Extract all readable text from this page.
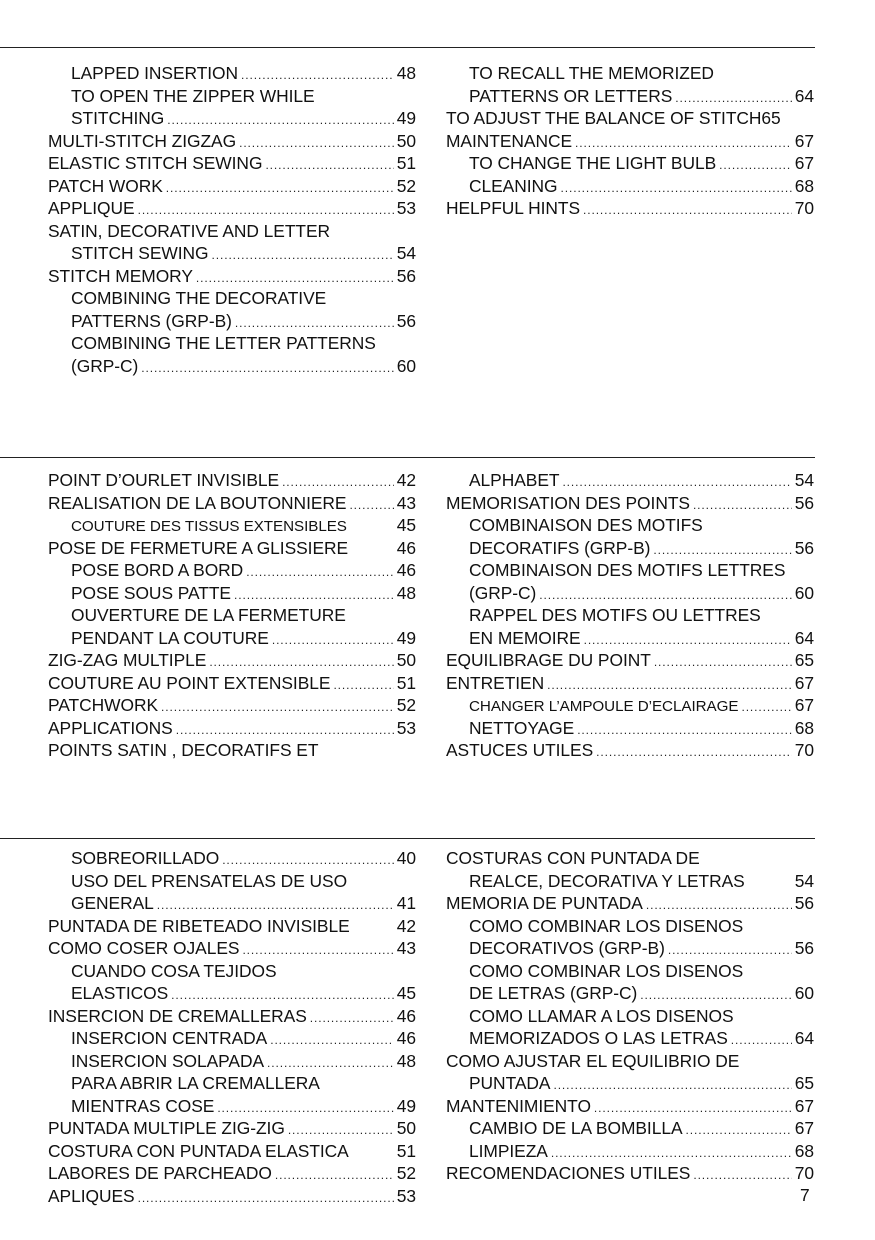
LAPPED INSERTION .....	48
TO OPEN THE ZIPPER WHILE
STITCHING .....	49
MULTI-STITCH ZIGZAG .....	50
ELASTIC STITCH SEWING .....	51
PATCH WORK .....	52
APPLIQUE .....	53
SATIN, DECORATIVE AND LETTER
STITCH SEWING .....	54
STITCH MEMORY .....	56
COMBINING THE DECORATIVE
PATTERNS (GRP-B) .....	56
COMBINING THE LETTER PATTERNS
(GRP-C) .....	60
TO RECALL THE MEMORIZED
PATTERNS OR LETTERS .....	64
TO ADJUST THE BALANCE OF STITCH65
MAINTENANCE .....	67
TO CHANGE THE LIGHT BULB .....	67
CLEANING .....	68
HELPFUL HINTS .....	70
POINT D’OURLET INVISIBLE .....	42
REALISATION DE LA BOUTONNIERE .....	43
COUTURE DES TISSUS EXTENSIBLES	45
POSE DE FERMETURE A GLISSIERE	46
POSE BORD A BORD .....	46
POSE SOUS PATTE .....	48
OUVERTURE DE LA FERMETURE
PENDANT LA COUTURE .....	49
ZIG-ZAG MULTIPLE .....	50
COUTURE AU POINT EXTENSIBLE .....	51
PATCHWORK .....	52
APPLICATIONS .....	53
POINTS SATIN , DECORATIFS ET
ALPHABET .....	54
MEMORISATION DES POINTS .....	56
COMBINAISON DES MOTIFS
DECORATIFS (GRP-B) .....	56
COMBINAISON DES MOTIFS LETTRES
(GRP-C) .....	60
RAPPEL DES MOTIFS OU LETTRES
EN MEMOIRE .....	64
EQUILIBRAGE DU POINT .....	65
ENTRETIEN .....	67
CHANGER L’AMPOULE D’ECLAIRAGE .....	67
NETTOYAGE .....	68
ASTUCES UTILES .....	70
SOBREORILLADO .....	40
USO DEL PRENSATELAS DE USO
GENERAL .....	41
PUNTADA DE RIBETEADO INVISIBLE	42
COMO COSER OJALES .....	43
CUANDO COSA TEJIDOS
ELASTICOS .....	45
INSERCION DE CREMALLERAS .....	46
INSERCION CENTRADA .....	46
INSERCION SOLAPADA .....	48
PARA ABRIR LA CREMALLERA
MIENTRAS COSE .....	49
PUNTADA MULTIPLE ZIG-ZIG .....	50
COSTURA CON PUNTADA ELASTICA	51
LABORES DE PARCHEADO .....	52
APLIQUES .....	53
COSTURAS CON PUNTADA DE
REALCE, DECORATIVA Y LETRAS	54
MEMORIA DE PUNTADA .....	56
COMO COMBINAR LOS DISENOS
DECORATIVOS (GRP-B) .....	56
COMO COMBINAR LOS DISENOS
DE LETRAS (GRP-C) .....	60
COMO LLAMAR A LOS DISENOS
MEMORIZADOS O LAS LETRAS .....	64
COMO AJUSTAR EL EQUILIBRIO DE
PUNTADA .....	65
MANTENIMIENTO .....	67
CAMBIO DE LA BOMBILLA .....	67
LIMPIEZA .....	68
RECOMENDACIONES UTILES .....	70
7
